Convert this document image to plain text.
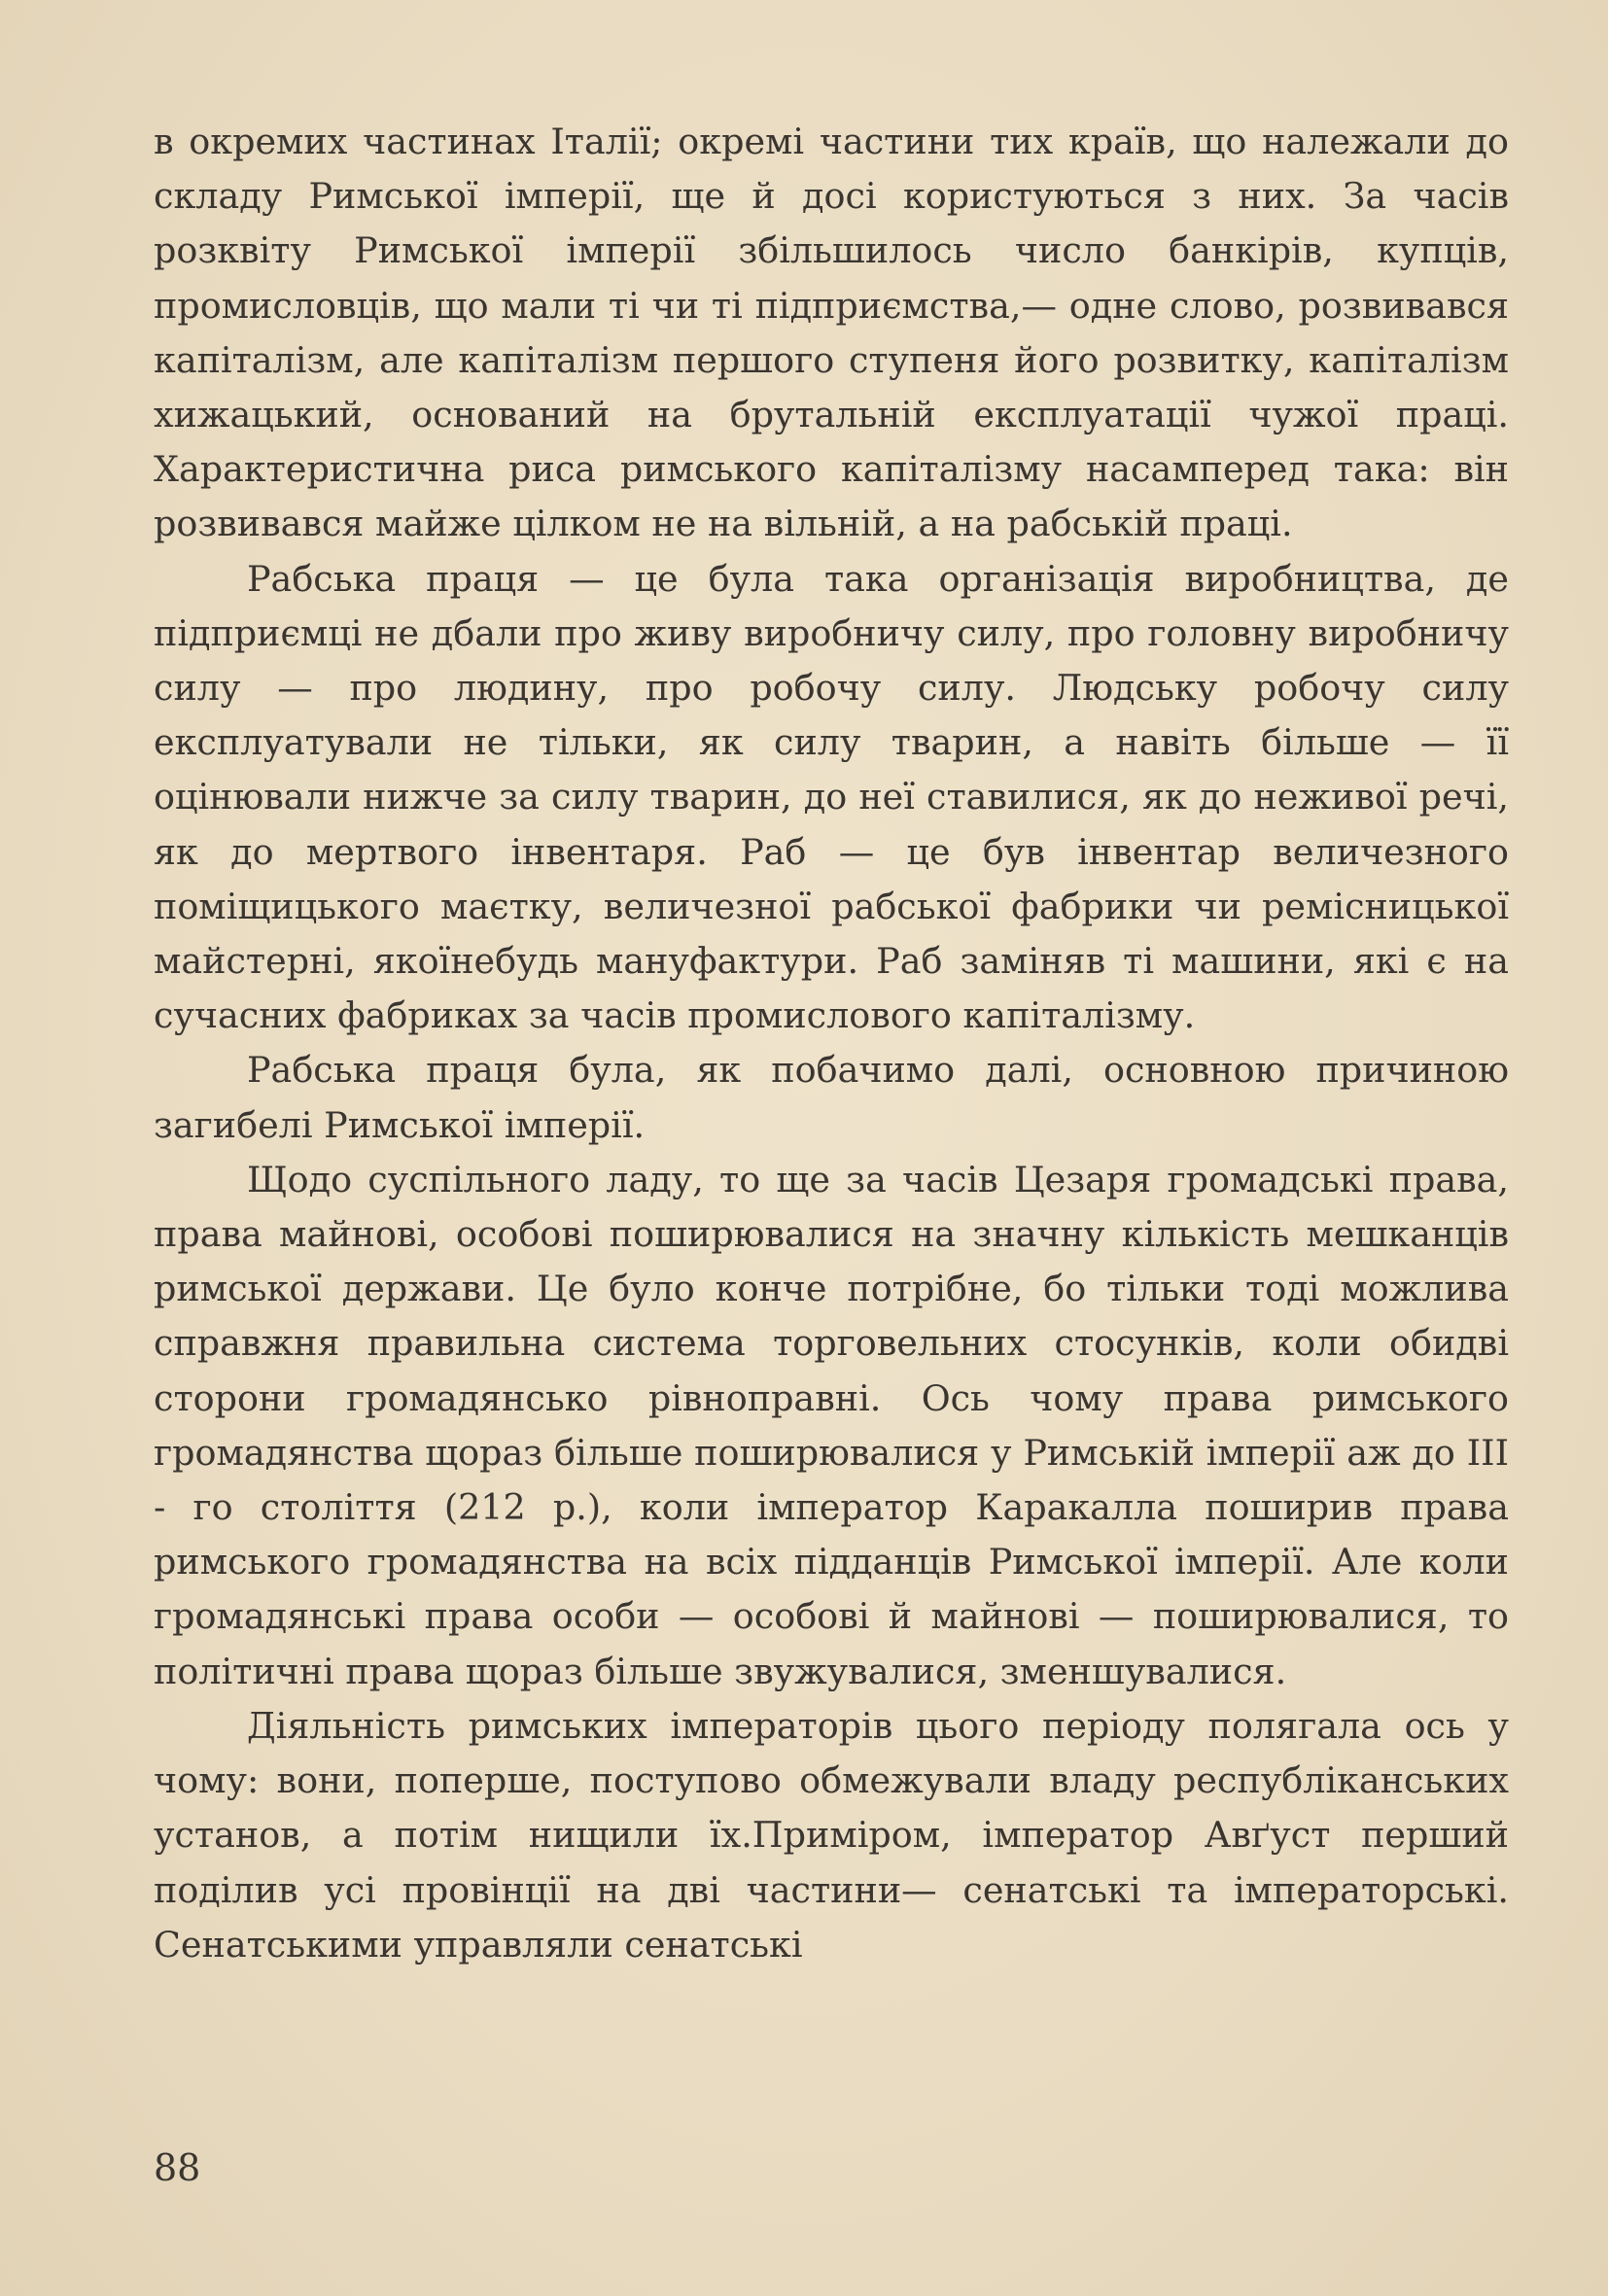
в окремих частинах Італії; окремі частини тих країв, що належали до складу Римської імперії, ще й досі користуються з них. За часів розквіту Римської імперії збільшилось число банкірів, купців, промисловців, що мали ті чи ті підприємства,— одне слово, розвивався капіталізм, але капіталізм першого ступеня його розвитку, капіталізм хижацький, оснований на брутальній експлуатації чужої праці. Характеристична риса римського капіталізму насамперед така: він розвивався майже цілком не на вільній, а на рабській праці.

Рабська праця — це була така організація виробництва, де підприємці не дбали про живу виробничу силу, про головну виробничу силу — про людину, про робочу силу. Людську робочу силу експлуатували не тільки, як силу тварин, а навіть більше — її оцінювали нижче за силу тварин, до неї ставилися, як до неживої речі, як до мертвого інвентаря. Раб — це був інвентар величезного поміщицького маєтку, величезної рабської фабрики чи ремісницької майстерні, якоїнебудь мануфактури. Раб заміняв ті машини, які є на сучасних фабриках за часів промислового капіталізму.

Рабська праця була, як побачимо далі, основною причиною загибелі Римської імперії.

Щодо суспільного ладу, то ще за часів Цезаря громадські права, права майнові, особові поширювалися на значну кількість мешканців римської держави. Це було конче потрібне, бо тільки тоді можлива справжня правильна система торговельних стосунків, коли обидві сторони громадянсько рівноправні. Ось чому права римського громадянства щораз більше поширювалися у Римській імперії аж до III - го століття (212 р.), коли імператор Каракалла поширив права римського громадянства на всіх підданців Римської імперії. Але коли громадянські права особи — особові й майнові — поширювалися, то політичні права щораз більше звужувалися, зменшувалися.

Діяльність римських імператорів цього періоду полягала ось у чому: вони, поперше, поступово обмежували владу республіканських установ, а потім нищили їх.Приміром, імператор Авґуст перший поділив усі провінції на дві частини— сенатські та імператорські. Сенатськими управляли сенатські

88
